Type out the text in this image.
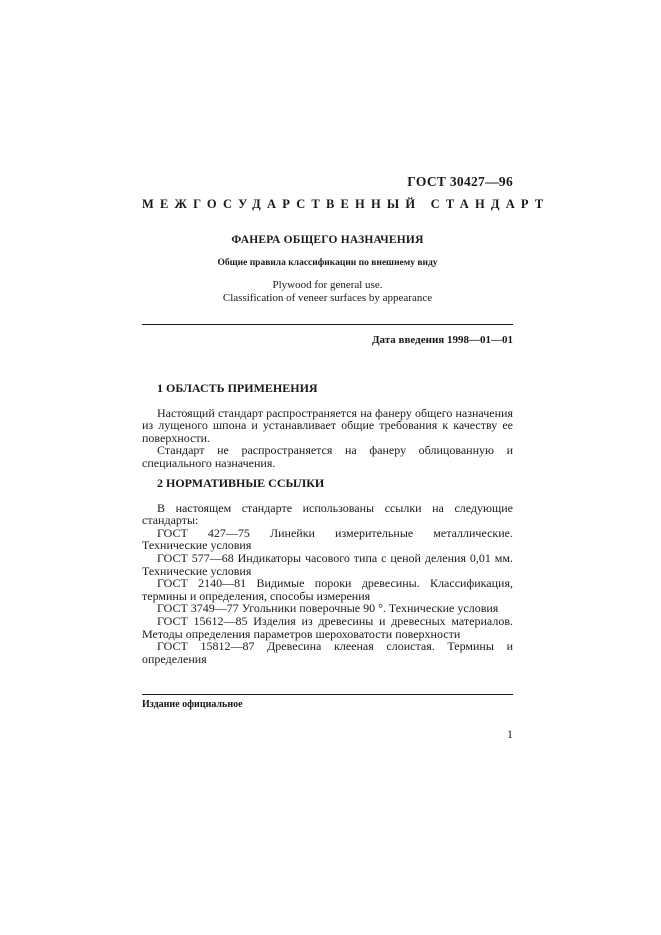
ГОСТ 30427—96
МЕЖГОСУДАРСТВЕННЫЙ СТАНДАРТ
ФАНЕРА ОБЩЕГО НАЗНАЧЕНИЯ
Общие правила классификации по внешнему виду
Plywood for general use.
Classification of veneer surfaces by appearance
Дата введения 1998—01—01
1 ОБЛАСТЬ ПРИМЕНЕНИЯ

Настоящий стандарт распространяется на фанеру общего назначения из лущеного шпона и устанавливает общие требования к качеству ее поверхности.

Стандарт не распространяется на фанеру облицованную и специального назначения.

2 НОРМАТИВНЫЕ ССЫЛКИ

В настоящем стандарте использованы ссылки на следующие стандарты:

ГОСТ 427—75 Линейки измерительные металлические. Технические условия

ГОСТ 577—68 Индикаторы часового типа с ценой деления 0,01 мм. Технические условия

ГОСТ 2140—81 Видимые пороки древесины. Классификация, термины и определения, способы измерения

ГОСТ 3749—77 Угольники поверочные 90 °. Технические условия

ГОСТ 15612—85 Изделия из древесины и древесных материалов. Методы определения параметров шероховатости поверхности

ГОСТ 15812—87 Древесина клееная слоистая. Термины и определения

Издание официальное
1
